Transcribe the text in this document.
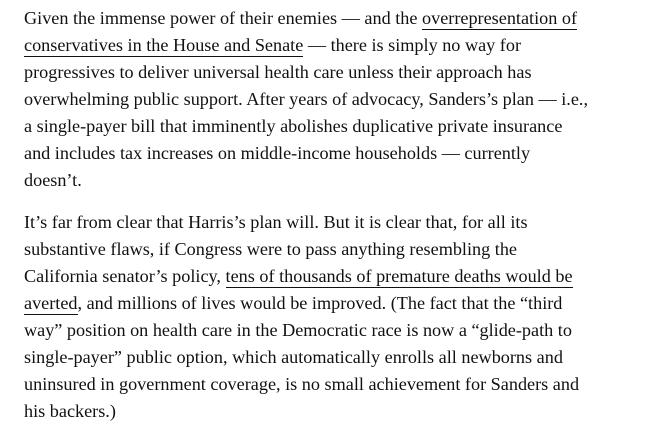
Given the immense power of their enemies — and the overrepresentation of
conservatives in the House and Senate — there is simply no way for
progressives to deliver universal health care unless their approach has
overwhelming public support. After years of advocacy, Sanders’s plan — i.e.,
a single-payer bill that imminently abolishes duplicative private insurance
and includes tax increases on middle-income households — currently
doesn’t.

It’s far from clear that Harris’s plan will. But it is clear that, for all its
substantive flaws, if Congress were to pass anything resembling the
California senator’s policy, tens of thousands of premature deaths would be
averted, and millions of lives would be improved. (The fact that the “third
way” position on health care in the Democratic race is now a “glide-path to
single-payer” public option, which automatically enrolls all newborns and
uninsured in government coverage, is no small achievement for Sanders and
his backers.)
